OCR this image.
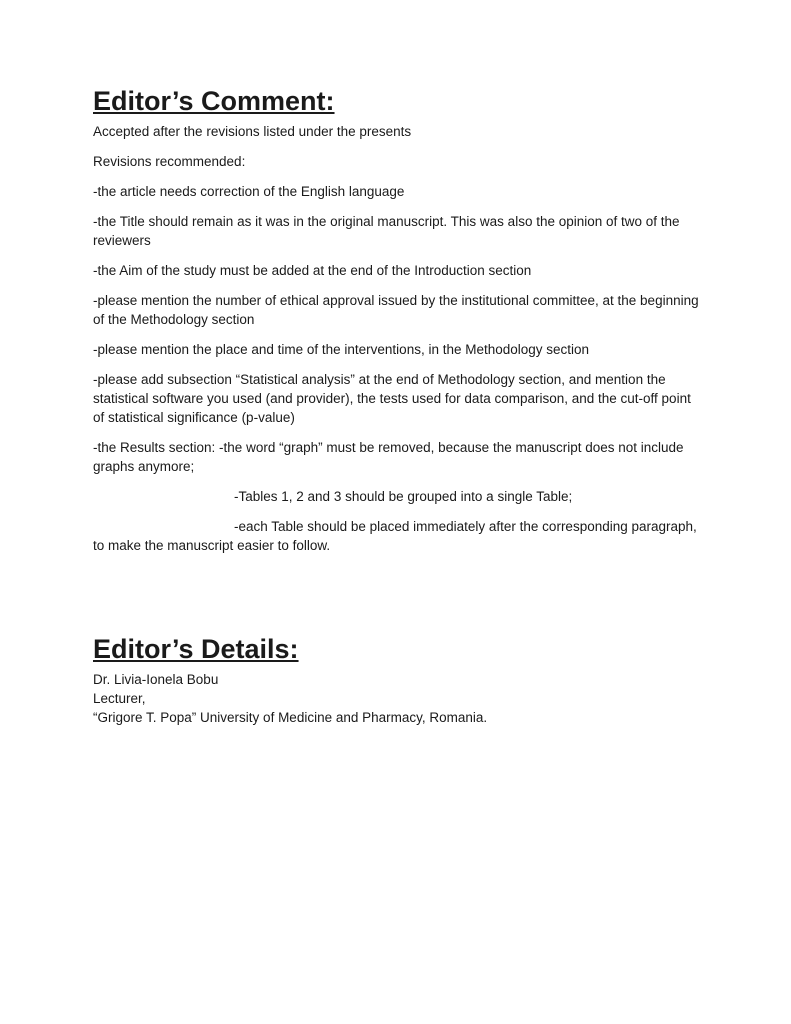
Editor’s Comment:

Accepted after the revisions listed under the presents

Revisions recommended:

-the article needs correction of the English language

-the Title should remain as it was in the original manuscript. This was also the opinion of two of the reviewers

-the Aim of the study must be added at the end of the Introduction section

-please mention the number of ethical approval issued by the institutional committee, at the beginning of the Methodology section

-please mention the place and time of the interventions, in the Methodology section

-please add subsection “Statistical analysis” at the end of Methodology section, and mention the statistical software you used (and provider), the tests used for data comparison, and the cut-off point of statistical significance (p-value)

-the Results section: -the word “graph” must be removed, because the manuscript does not include graphs anymore;

-Tables 1, 2 and 3 should be grouped into a single Table;

-each Table should be placed immediately after the corresponding paragraph, to make the manuscript easier to follow.

Editor’s Details:

Dr. Livia-Ionela Bobu

Lecturer,

“Grigore T. Popa” University of Medicine and Pharmacy, Romania.
